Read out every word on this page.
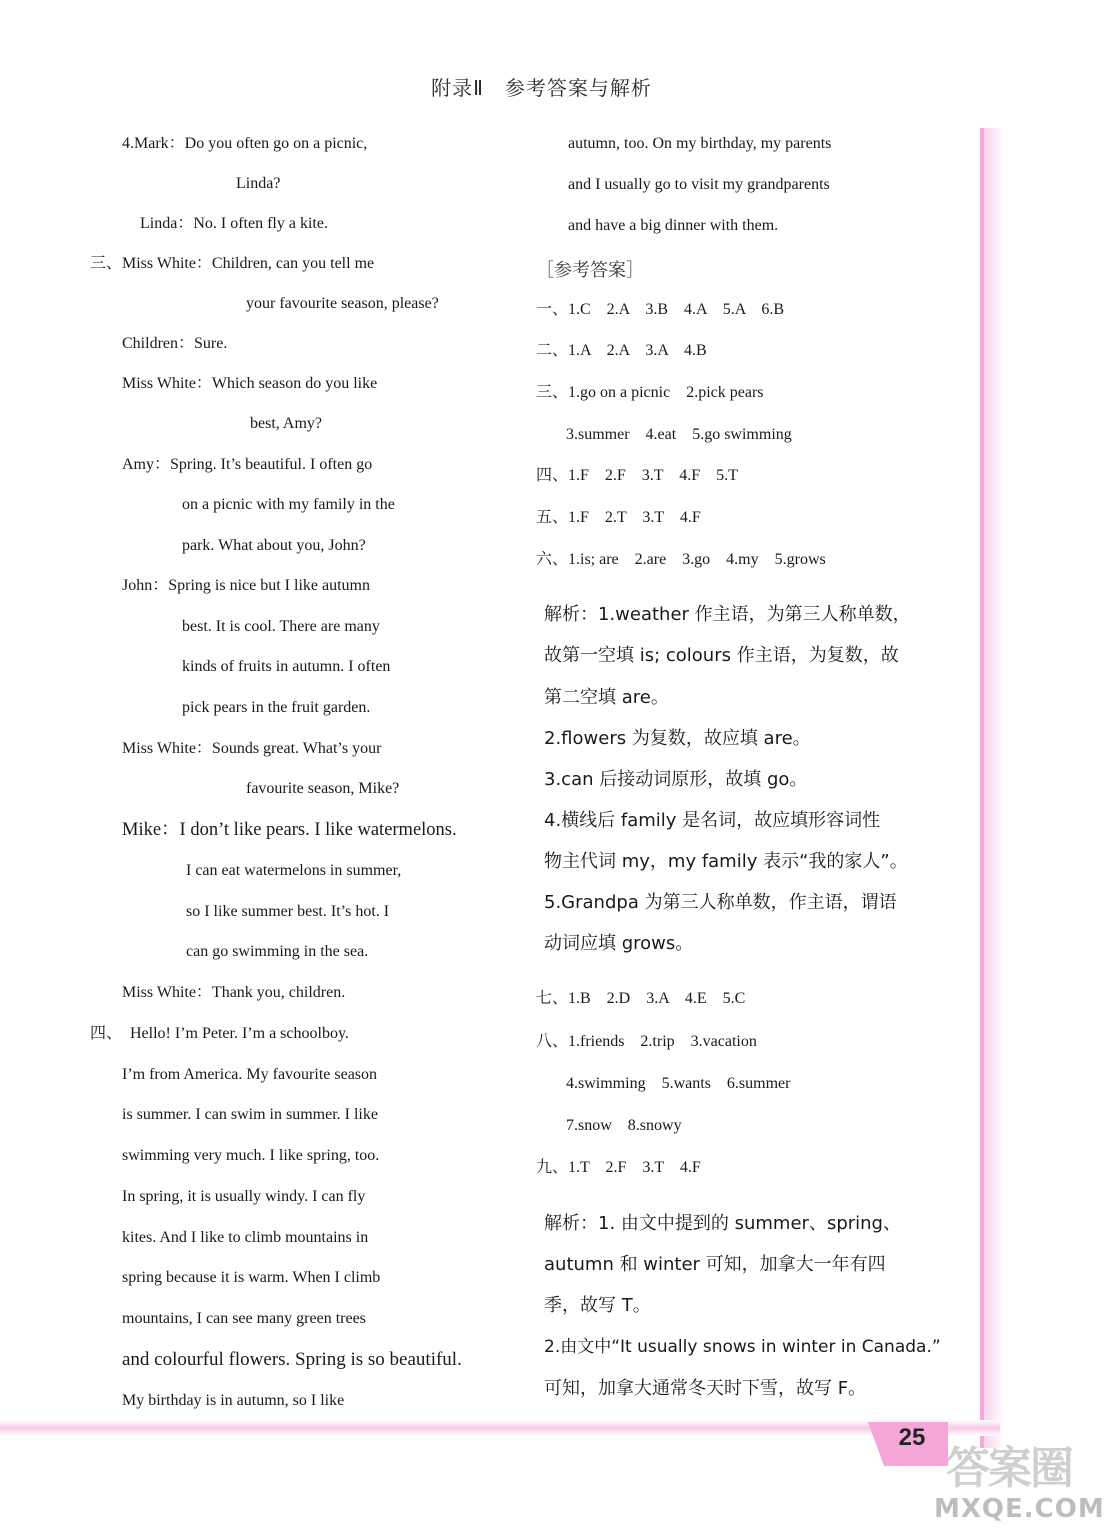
附录Ⅱ　参考答案与解析
4.Mark：Do you often go on a picnic,
Linda?
Linda：No. I often fly a kite.
三、Miss White：Children, can you tell me
your favourite season, please?
Children：Sure.
Miss White：Which season do you like
best, Amy?
Amy：Spring. It’s beautiful. I often go
on a picnic with my family in the
park. What about you, John?
John：Spring is nice but I like autumn
best. It is cool. There are many
kinds of fruits in autumn. I often
pick pears in the fruit garden.
Miss White：Sounds great. What’s your
favourite season, Mike?
Mike：I don’t like pears. I like watermelons.
I can eat watermelons in summer,
so I like summer best. It’s hot. I
can go swimming in the sea.
Miss White：Thank you, children.
四、　Hello! I’m Peter. I’m a schoolboy.
I’m from America. My favourite season
is summer. I can swim in summer. I like
swimming very much. I like spring, too.
In spring, it is usually windy. I can fly
kites. And I like to climb mountains in
spring because it is warm. When I climb
mountains, I can see many green trees
and colourful flowers. Spring is so beautiful.
My birthday is in autumn, so I like
autumn, too. On my birthday, my parents
and I usually go to visit my grandparents
and have a big dinner with them.
［参考答案］
一、1.C　2.A　3.B　4.A　5.A　6.B
二、1.A　2.A　3.A　4.B
三、1.go on a picnic　2.pick pears
3.summer　4.eat　5.go swimming
四、1.F　2.F　3.T　4.F　5.T
五、1.F　2.T　3.T　4.F
六、1.is; are　2.are　3.go　4.my　5.grows
解析：1.weather 作主语，为第三人称单数，
故第一空填 is; colours 作主语，为复数，故
第二空填 are。
2.flowers 为复数，故应填 are。
3.can 后接动词原形，故填 go。
4.横线后 family 是名词，故应填形容词性
物主代词 my，my family 表示“我的家人”。
5.Grandpa 为第三人称单数，作主语，谓语
动词应填 grows。
七、1.B　2.D　3.A　4.E　5.C
八、1.friends　2.trip　3.vacation
4.swimming　5.wants　6.summer
7.snow　8.snowy
九、1.T　2.F　3.T　4.F
解析：1. 由文中提到的 summer、spring、
autumn 和 winter 可知，加拿大一年有四
季，故写 T。
2.由文中“It usually snows in winter in Canada.”
可知，加拿大通常冬天时下雪，故写 F。
25
答案圈
MXQE.COM
